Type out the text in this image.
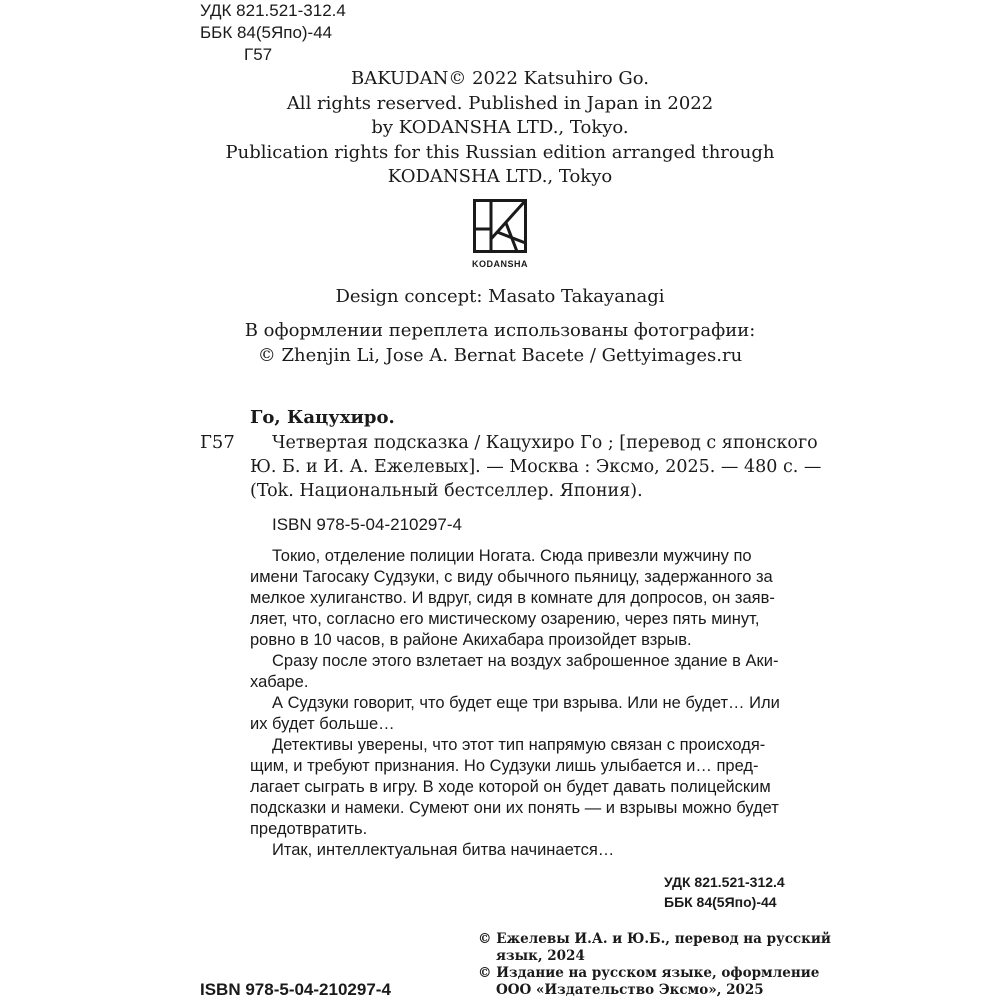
УДК 821.521-312.4
ББК 84(5Япо)-44
Г57
BAKUDAN© 2022 Katsuhiro Go.
All rights reserved. Published in Japan in 2022
by KODANSHA LTD., Tokyo.
Publication rights for this Russian edition arranged through
KODANSHA LTD., Tokyo
KODANSHA
Design concept: Masato Takayanagi
В оформлении переплета использованы фотографии:
© Zhenjin Li, Jose A. Bernat Bacete / Gettyimages.ru
Го, Кацухиро.
Г57	Четвертая подсказка / Кацухиро Го ; [перевод с японского
Ю. Б. и И. А. Ежелевых]. — Москва : Эксмо, 2025. — 480 с. —
(Tok. Национальный бестселлер. Япония).
ISBN 978-5-04-210297-4
Токио, отделение полиции Ногата. Сюда привезли мужчину по
имени Тагосаку Судзуки, с виду обычного пьяницу, задержанного за
мелкое хулиганство. И вдруг, сидя в комнате для допросов, он заяв-
ляет, что, согласно его мистическому озарению, через пять минут,
ровно в 10 часов, в районе Акихабара произойдет взрыв.
Сразу после этого взлетает на воздух заброшенное здание в Аки-
хабаре.
А Судзуки говорит, что будет еще три взрыва. Или не будет… Или
их будет больше…
Детективы уверены, что этот тип напрямую связан с происходя-
щим, и требуют признания. Но Судзуки лишь улыбается и… пред-
лагает сыграть в игру. В ходе которой он будет давать полицейским
подсказки и намеки. Сумеют они их понять — и взрывы можно будет
предотвратить.
Итак, интеллектуальная битва начинается…
УДК 821.521-312.4
ББК 84(5Япо)-44
© Ежелевы И.А. и Ю.Б., перевод на русский
язык, 2024
© Издание на русском языке, оформление
ООО «Издательство Эксмо», 2025
ISBN 978-5-04-210297-4
